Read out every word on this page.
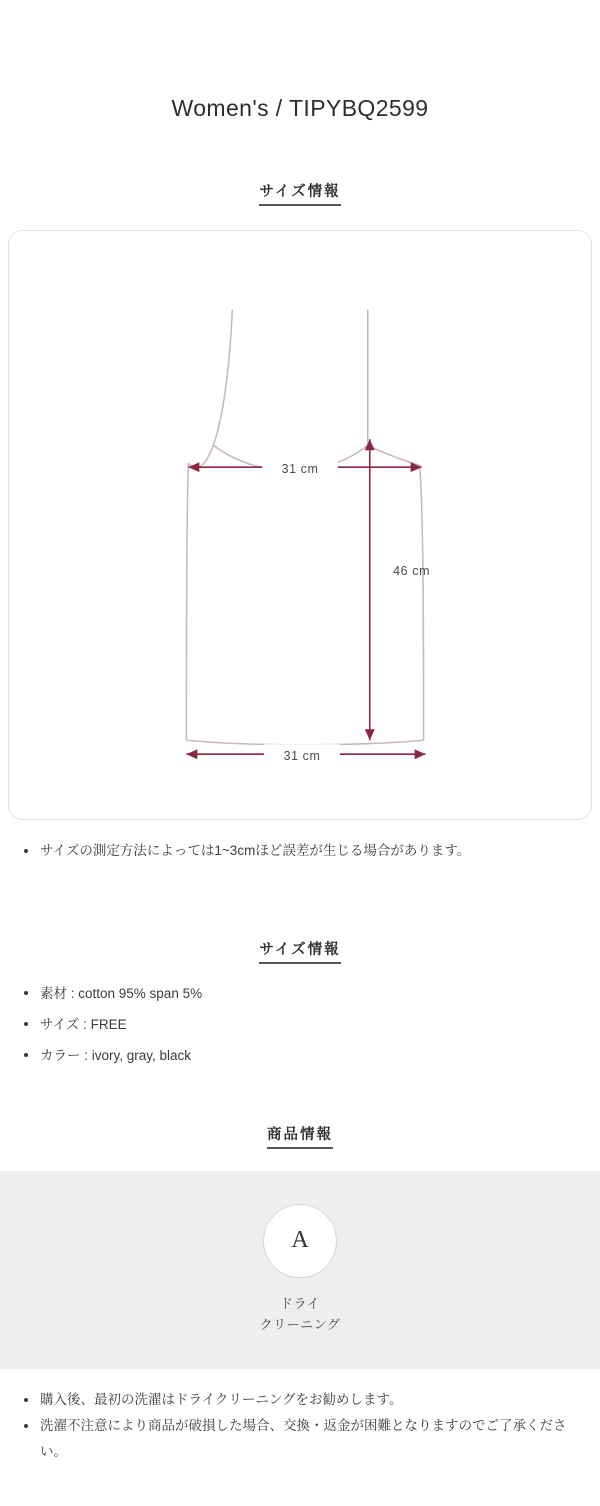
Women's / TIPYBQ2599
サイズ情報
31 cm
46 cm
31 cm
サイズの測定方法によっては1~3cmほど誤差が生じる場合があります。
サイズ情報
素材 : cotton 95% span 5%
サイズ : FREE
カラー : ivory, gray, black
商品情報
A
ドライ
クリーニング
購入後、最初の洗濯はドライクリーニングをお勧めします。
洗濯不注意により商品が破損した場合、交換・返金が困難となりますのでご了承ください。
